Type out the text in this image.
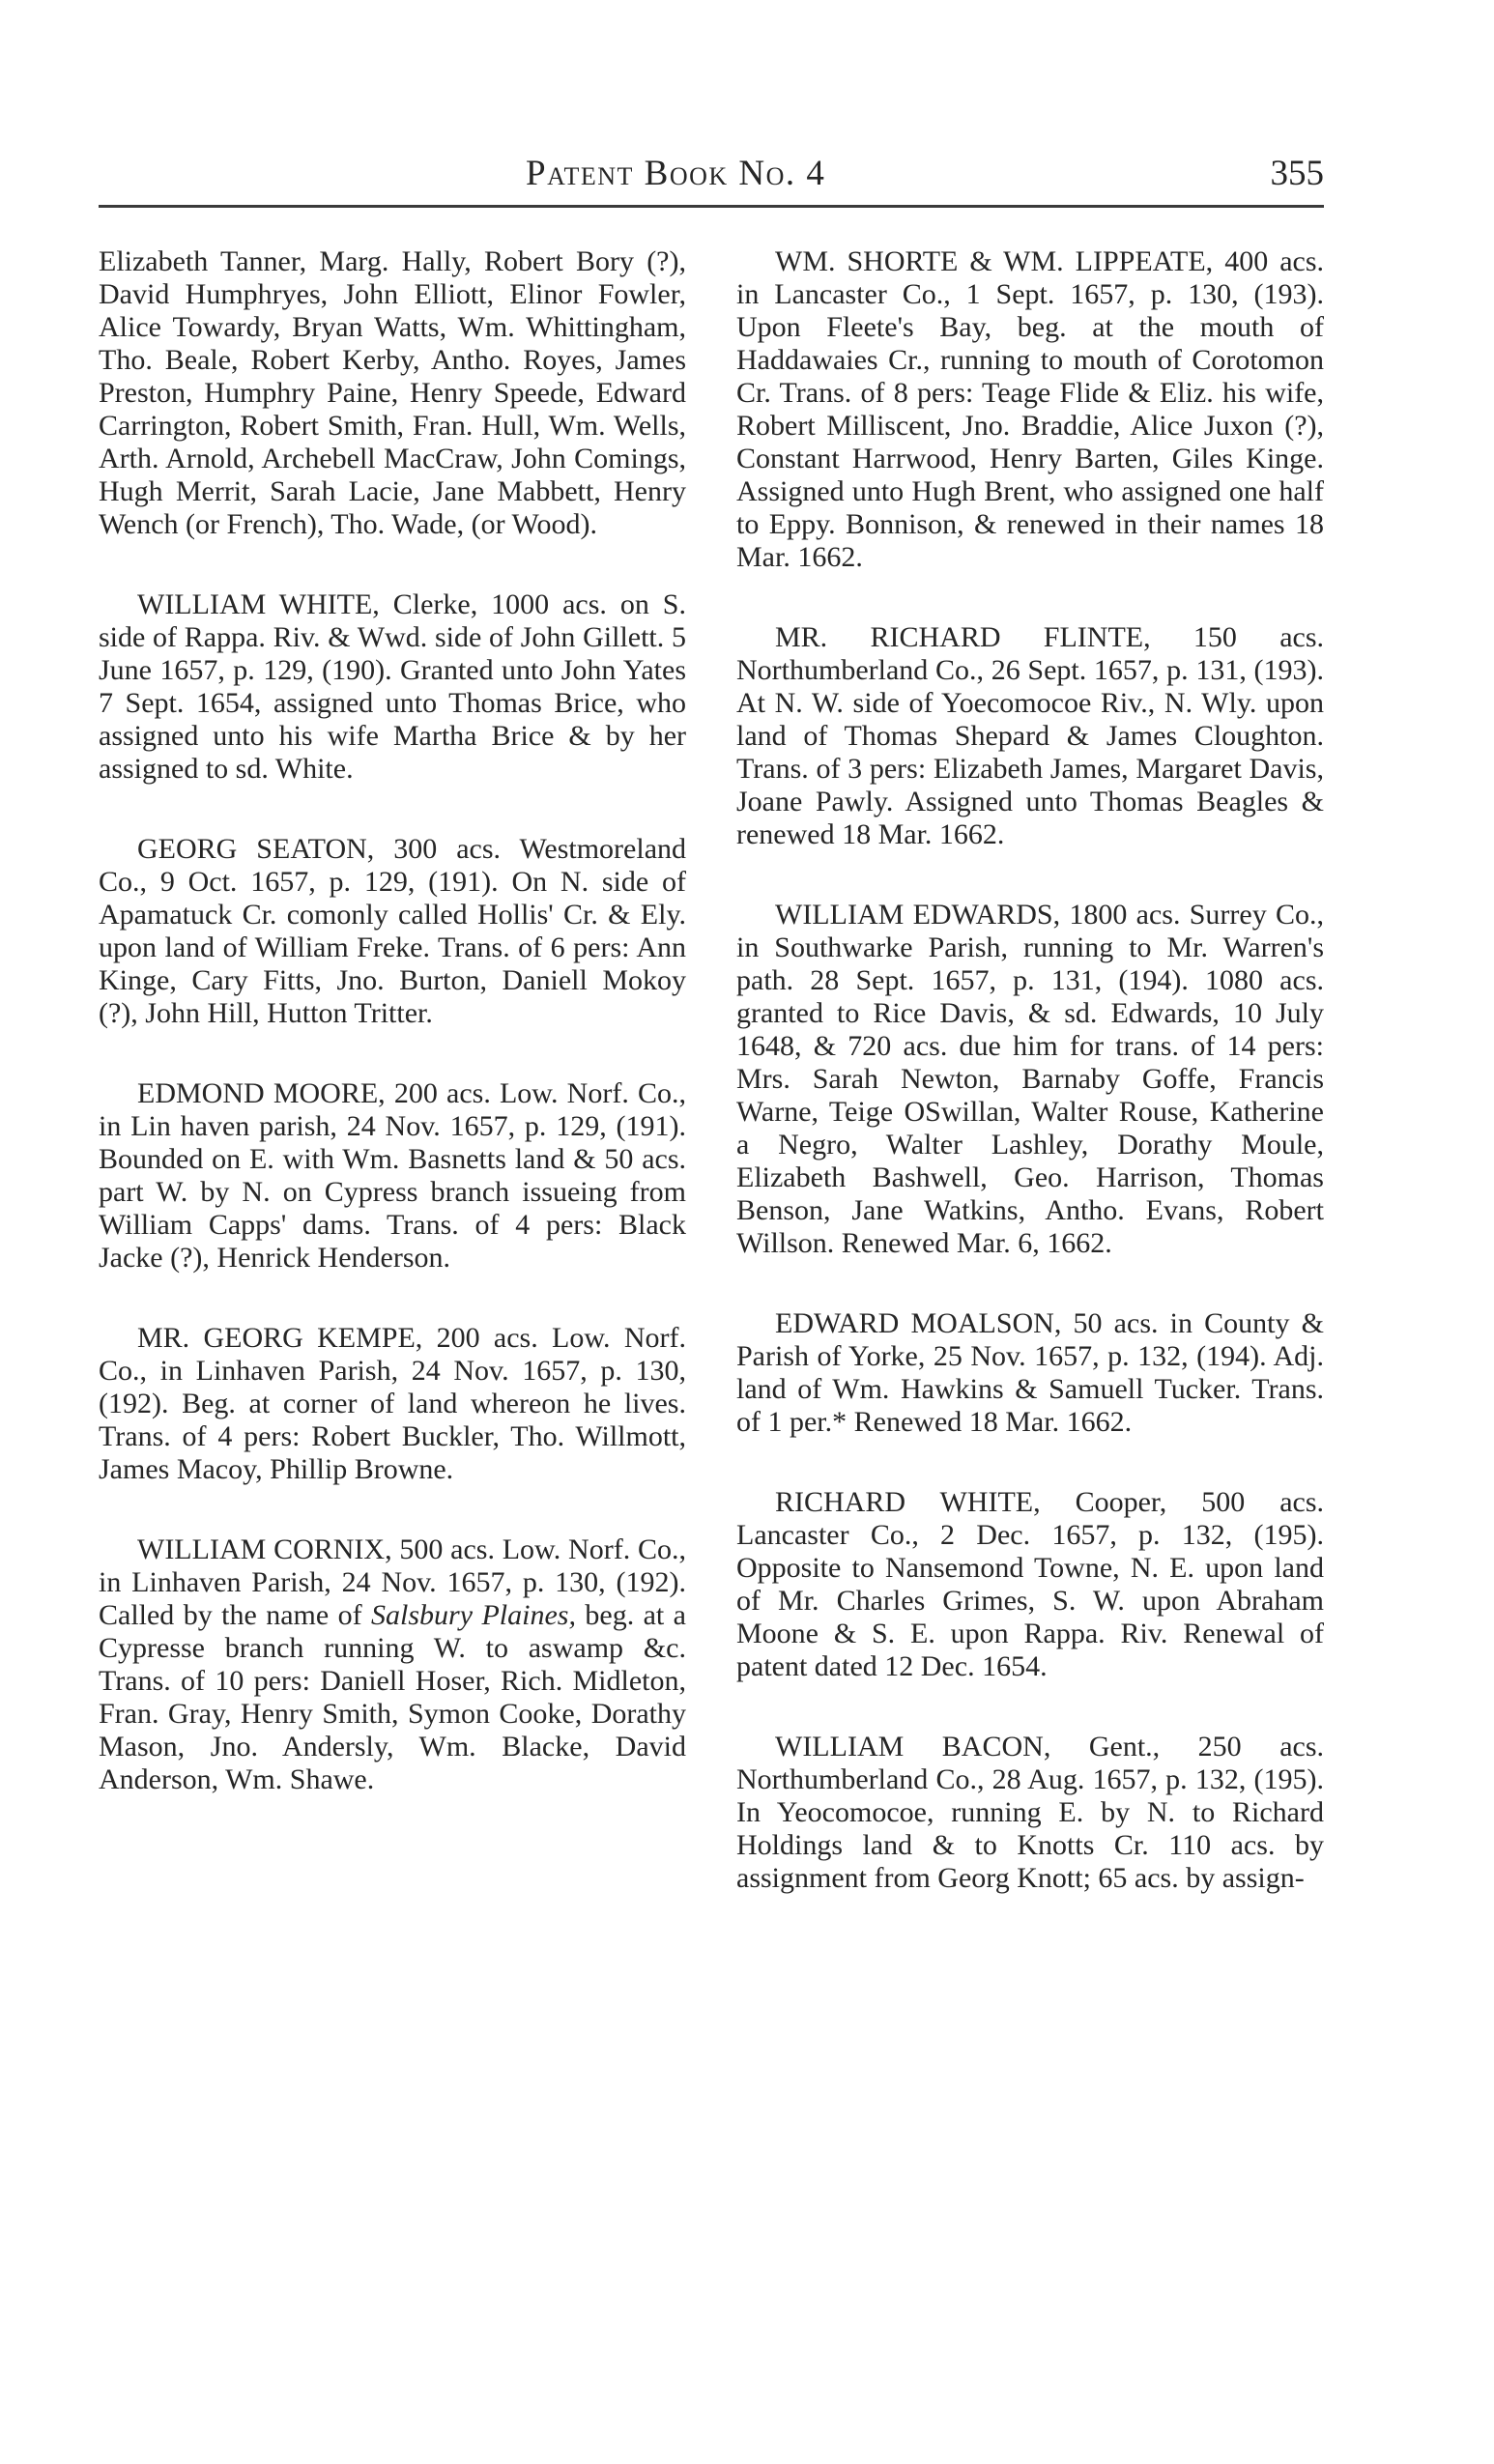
Patent Book No. 4	355

Elizabeth Tanner, Marg. Hally, Robert Bory (?), David Humphryes, John Elliott, Elinor Fowler, Alice Towardy, Bryan Watts, Wm. Whittingham, Tho. Beale, Robert Kerby, Antho. Royes, James Preston, Humphry Paine, Henry Speede, Edward Carrington, Robert Smith, Fran. Hull, Wm. Wells, Arth. Arnold, Archebell MacCraw, John Comings, Hugh Merrit, Sarah Lacie, Jane Mabbett, Henry Wench (or French), Tho. Wade, (or Wood).

WILLIAM WHITE, Clerke, 1000 acs. on S. side of Rappa. Riv. & Wwd. side of John Gillett. 5 June 1657, p. 129, (190). Granted unto John Yates 7 Sept. 1654, assigned unto Thomas Brice, who assigned unto his wife Martha Brice & by her assigned to sd. White.

GEORG SEATON, 300 acs. Westmoreland Co., 9 Oct. 1657, p. 129, (191). On N. side of Apamatuck Cr. comonly called Hollis' Cr. & Ely. upon land of William Freke. Trans. of 6 pers: Ann Kinge, Cary Fitts, Jno. Burton, Daniell Mokoy (?), John Hill, Hutton Tritter.

EDMOND MOORE, 200 acs. Low. Norf. Co., in Lin haven parish, 24 Nov. 1657, p. 129, (191). Bounded on E. with Wm. Basnetts land & 50 acs. part W. by N. on Cypress branch issueing from William Capps' dams. Trans. of 4 pers: Black Jacke (?), Henrick Henderson.

MR. GEORG KEMPE, 200 acs. Low. Norf. Co., in Linhaven Parish, 24 Nov. 1657, p. 130, (192). Beg. at corner of land whereon he lives. Trans. of 4 pers: Robert Buckler, Tho. Willmott, James Macoy, Phillip Browne.

WILLIAM CORNIX, 500 acs. Low. Norf. Co., in Linhaven Parish, 24 Nov. 1657, p. 130, (192). Called by the name of Salsbury Plaines, beg. at a Cypresse branch running W. to aswamp &c. Trans. of 10 pers: Daniell Hoser, Rich. Midleton, Fran. Gray, Henry Smith, Symon Cooke, Dorathy Mason, Jno. Andersly, Wm. Blacke, David Anderson, Wm. Shawe.

WM. SHORTE & WM. LIPPEATE, 400 acs. in Lancaster Co., 1 Sept. 1657, p. 130, (193). Upon Fleete's Bay, beg. at the mouth of Haddawaies Cr., running to mouth of Corotomon Cr. Trans. of 8 pers: Teage Flide & Eliz. his wife, Robert Milliscent, Jno. Braddie, Alice Juxon (?), Constant Harrwood, Henry Barten, Giles Kinge. Assigned unto Hugh Brent, who assigned one half to Eppy. Bonnison, & renewed in their names 18 Mar. 1662.

MR. RICHARD FLINTE, 150 acs. Northumberland Co., 26 Sept. 1657, p. 131, (193). At N. W. side of Yoecomocoe Riv., N. Wly. upon land of Thomas Shepard & James Cloughton. Trans. of 3 pers: Elizabeth James, Margaret Davis, Joane Pawly. Assigned unto Thomas Beagles & renewed 18 Mar. 1662.

WILLIAM EDWARDS, 1800 acs. Surrey Co., in Southwarke Parish, running to Mr. Warren's path. 28 Sept. 1657, p. 131, (194). 1080 acs. granted to Rice Davis, & sd. Edwards, 10 July 1648, & 720 acs. due him for trans. of 14 pers: Mrs. Sarah Newton, Barnaby Goffe, Francis Warne, Teige OSwillan, Walter Rouse, Katherine a Negro, Walter Lashley, Dorathy Moule, Elizabeth Bashwell, Geo. Harrison, Thomas Benson, Jane Watkins, Antho. Evans, Robert Willson. Renewed Mar. 6, 1662.

EDWARD MOALSON, 50 acs. in County & Parish of Yorke, 25 Nov. 1657, p. 132, (194). Adj. land of Wm. Hawkins & Samuell Tucker. Trans. of 1 per.* Renewed 18 Mar. 1662.

RICHARD WHITE, Cooper, 500 acs. Lancaster Co., 2 Dec. 1657, p. 132, (195). Opposite to Nansemond Towne, N. E. upon land of Mr. Charles Grimes, S. W. upon Abraham Moone & S. E. upon Rappa. Riv. Renewal of patent dated 12 Dec. 1654.

WILLIAM BACON, Gent., 250 acs. Northumberland Co., 28 Aug. 1657, p. 132, (195). In Yeocomocoe, running E. by N. to Richard Holdings land & to Knotts Cr. 110 acs. by assignment from Georg Knott; 65 acs. by assign-
